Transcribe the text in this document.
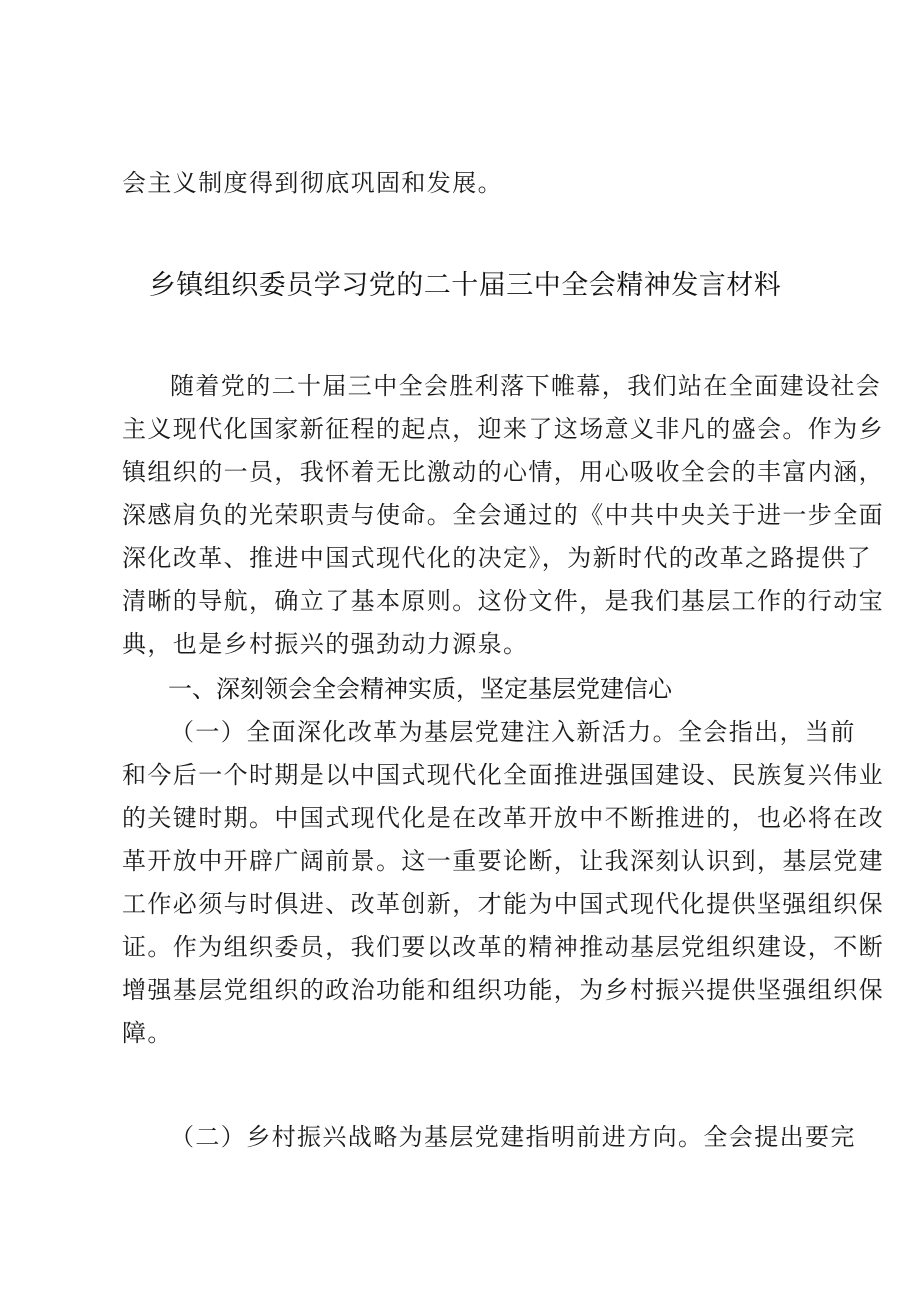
会主义制度得到彻底巩固和发展。
乡镇组织委员学习党的二十届三中全会精神发言材料
随着党的二十届三中全会胜利落下帷幕，我们站在全面建设社会
主义现代化国家新征程的起点，迎来了这场意义非凡的盛会。作为乡
镇组织的一员，我怀着无比激动的心情，用心吸收全会的丰富内涵，
深感肩负的光荣职责与使命。全会通过的《中共中央关于进一步全面
深化改革、推进中国式现代化的决定》，为新时代的改革之路提供了
清晰的导航，确立了基本原则。这份文件，是我们基层工作的行动宝
典，也是乡村振兴的强劲动力源泉。
一、深刻领会全会精神实质，坚定基层党建信心
（一）全面深化改革为基层党建注入新活力。全会指出，当前
和今后一个时期是以中国式现代化全面推进强国建设、民族复兴伟业
的关键时期。中国式现代化是在改革开放中不断推进的，也必将在改
革开放中开辟广阔前景。这一重要论断，让我深刻认识到，基层党建
工作必须与时俱进、改革创新，才能为中国式现代化提供坚强组织保
证。作为组织委员，我们要以改革的精神推动基层党组织建设，不断
增强基层党组织的政治功能和组织功能，为乡村振兴提供坚强组织保
障。
（二）乡村振兴战略为基层党建指明前进方向。全会提出要完
